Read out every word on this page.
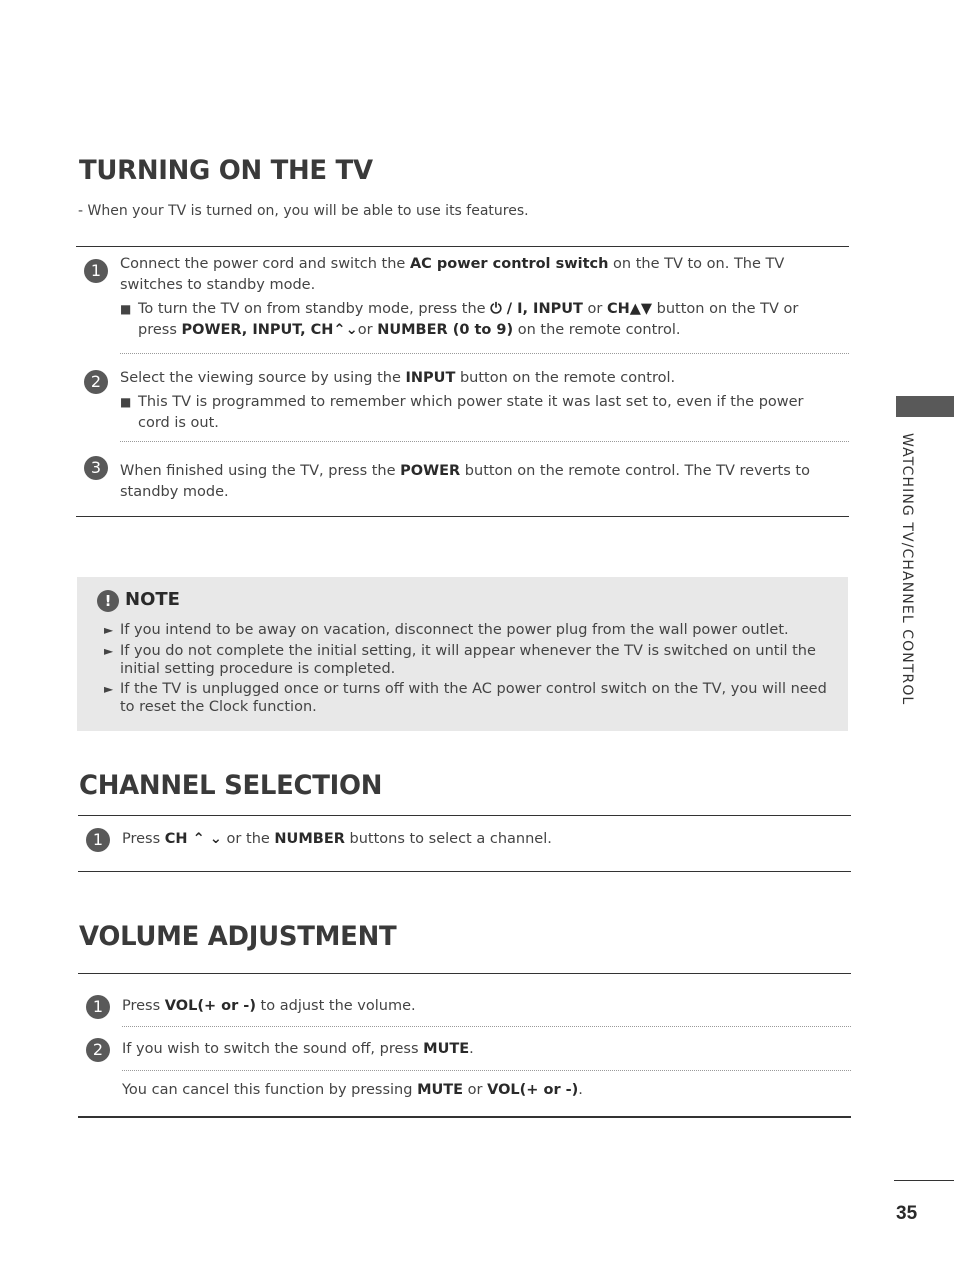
TURNING ON THE TV
- When your TV is turned on, you will be able to use its features.
1	Connect the power cord and switch the AC power control switch on the TV to on. The TV switches to standby mode.
■ To turn the TV on from standby mode, press the ⏻ / I, INPUT or CH▲▼ button on the TV or press POWER, INPUT, CH⌃⌄or NUMBER (0 to 9) on the remote control.
2	Select the viewing source by using the INPUT button on the remote control.
■ This TV is programmed to remember which power state it was last set to, even if the power cord is out.
3	When finished using the TV, press the POWER button on the remote control. The TV reverts to standby mode.
! NOTE
► If you intend to be away on vacation, disconnect the power plug from the wall power outlet.
► If you do not complete the initial setting, it will appear whenever the TV is switched on until the initial setting procedure is completed.
► If the TV is unplugged once or turns off with the AC power control switch on the TV, you will need to reset the Clock function.
CHANNEL SELECTION
1	Press CH ⌃ ⌄ or the NUMBER buttons to select a channel.
VOLUME ADJUSTMENT
1	Press VOL(+ or -) to adjust the volume.
2	If you wish to switch the sound off, press MUTE.
You can cancel this function by pressing MUTE or VOL(+ or -).
WATCHING TV/CHANNEL CONTROL
35
